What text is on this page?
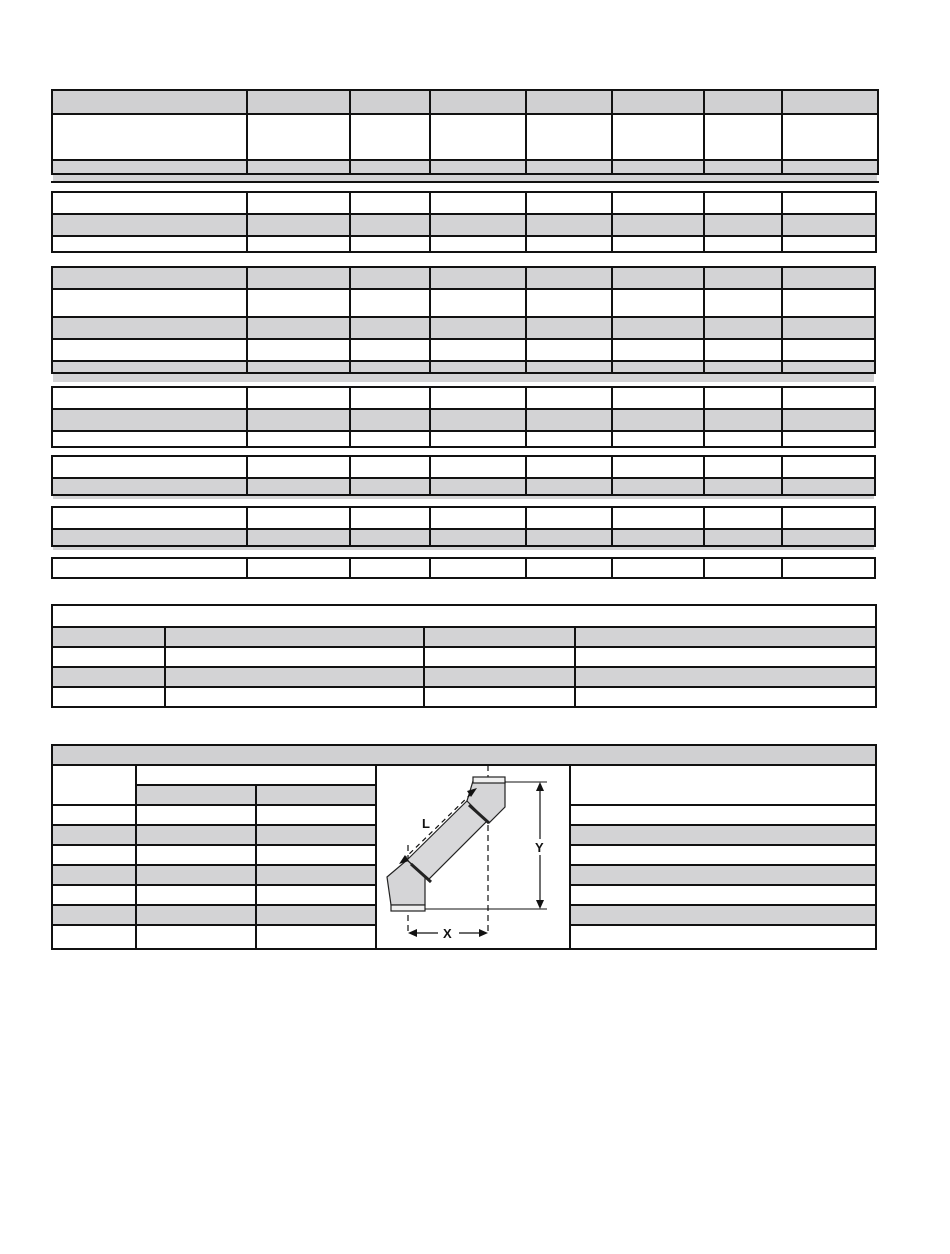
L
Y
X
